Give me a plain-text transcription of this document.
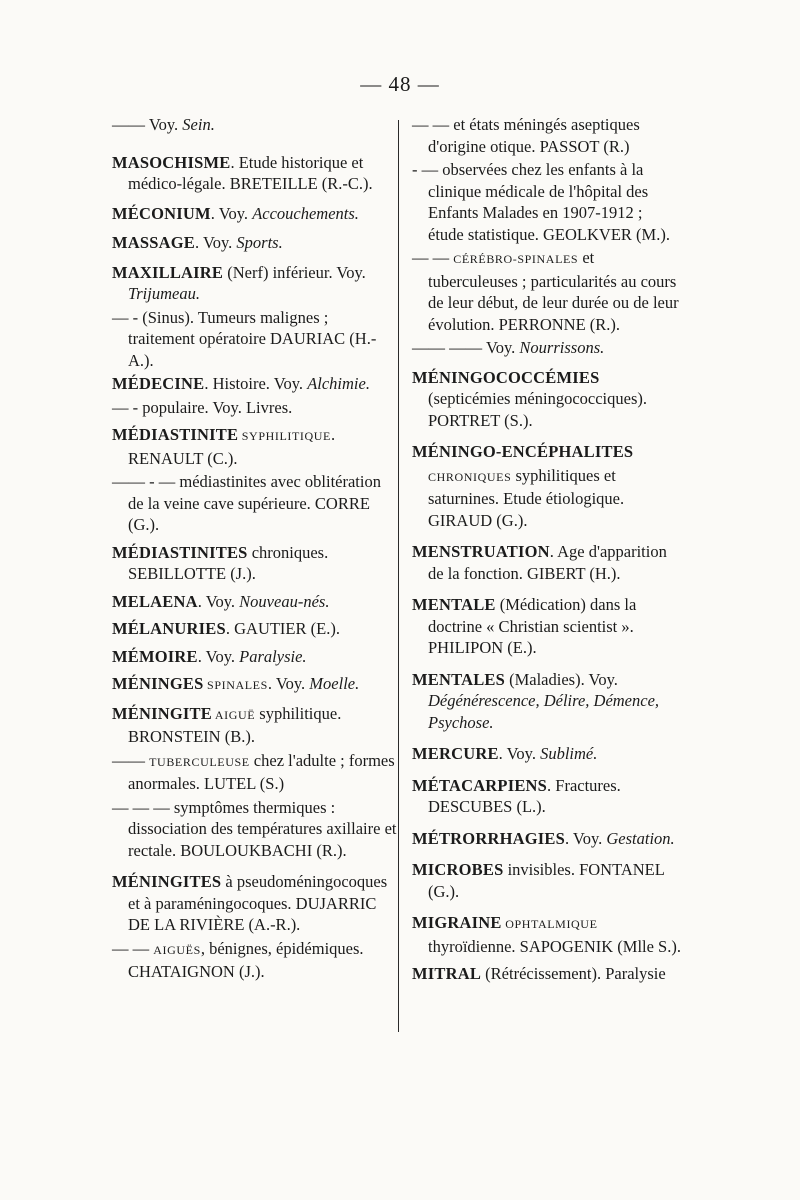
— 48 —
—— Voy. Sein.
MASOCHISME. Etude historique et médico-légale. BRETEILLE (R.-C.).
MÉCONIUM. Voy. Accouchements.
MASSAGE. Voy. Sports.
MAXILLAIRE (Nerf) inférieur. Voy. Trijumeau.
— - (Sinus). Tumeurs malignes ; traitement opératoire DAURIAC (H.-A.).
MÉDECINE. Histoire. Voy. Alchimie.
— - populaire. Voy. Livres.
MÉDIASTINITE SYPHILITIQUE. RENAULT (C.).
—— - — médiastinites avec oblitération de la veine cave supérieure. CORRE (G.).
MÉDIASTINITES chroniques. SEBILLOTTE (J.).
MELAENA. Voy. Nouveau-nés.
MÉLANURIES. GAUTIER (E.).
MÉMOIRE. Voy. Paralysie.
MÉNINGES SPINALES. Voy. Moelle.
MÉNINGITE AIGUË syphilitique. BRONSTEIN (B.).
—— TUBERCULEUSE chez l'adulte ; formes anormales. LUTEL (S.)
— — — symptômes thermiques : dissociation des températures axillaire et rectale. BOULOUKBACHI (R.).
MÉNINGITES à pseudoméningocoques et à paraméningocoques. DUJARRIC DE LA RIVIÈRE (A.-R.).
— — AIGUËS, bénignes, épidémiques. CHATAIGNON (J.).
— — et états méningés aseptiques d'origine otique. PASSOT (R.)
- — observées chez les enfants à la clinique médicale de l'hôpital des Enfants Malades en 1907-1912 ; étude statistique. GEOLKVER (M.).
— — CÉRÉBRO-SPINALES et tuberculeuses ; particularités au cours de leur début, de leur durée ou de leur évolution. PERRONNE (R.).
—— —— Voy. Nourrissons.
MÉNINGOCOCCÉMIES (septicémies méningococciques). PORTRET (S.).
MÉNINGO-ENCÉPHALITES CHRONIQUES syphilitiques et saturnines. Etude étiologique. GIRAUD (G.).
MENSTRUATION. Age d'apparition de la fonction. GIBERT (H.).
MENTALE (Médication) dans la doctrine « Christian scientist ». PHILIPON (E.).
MENTALES (Maladies). Voy. Dégénérescence, Délire, Démence, Psychose.
MERCURE. Voy. Sublimé.
MÉTACARPIENS. Fractures. DESCUBES (L.).
MÉTRORRHAGIES. Voy. Gestation.
MICROBES invisibles. FONTANEL (G.).
MIGRAINE OPHTALMIQUE thyroïdienne. SAPOGENIK (Mlle S.).
MITRAL (Rétrécissement). Paralysie
